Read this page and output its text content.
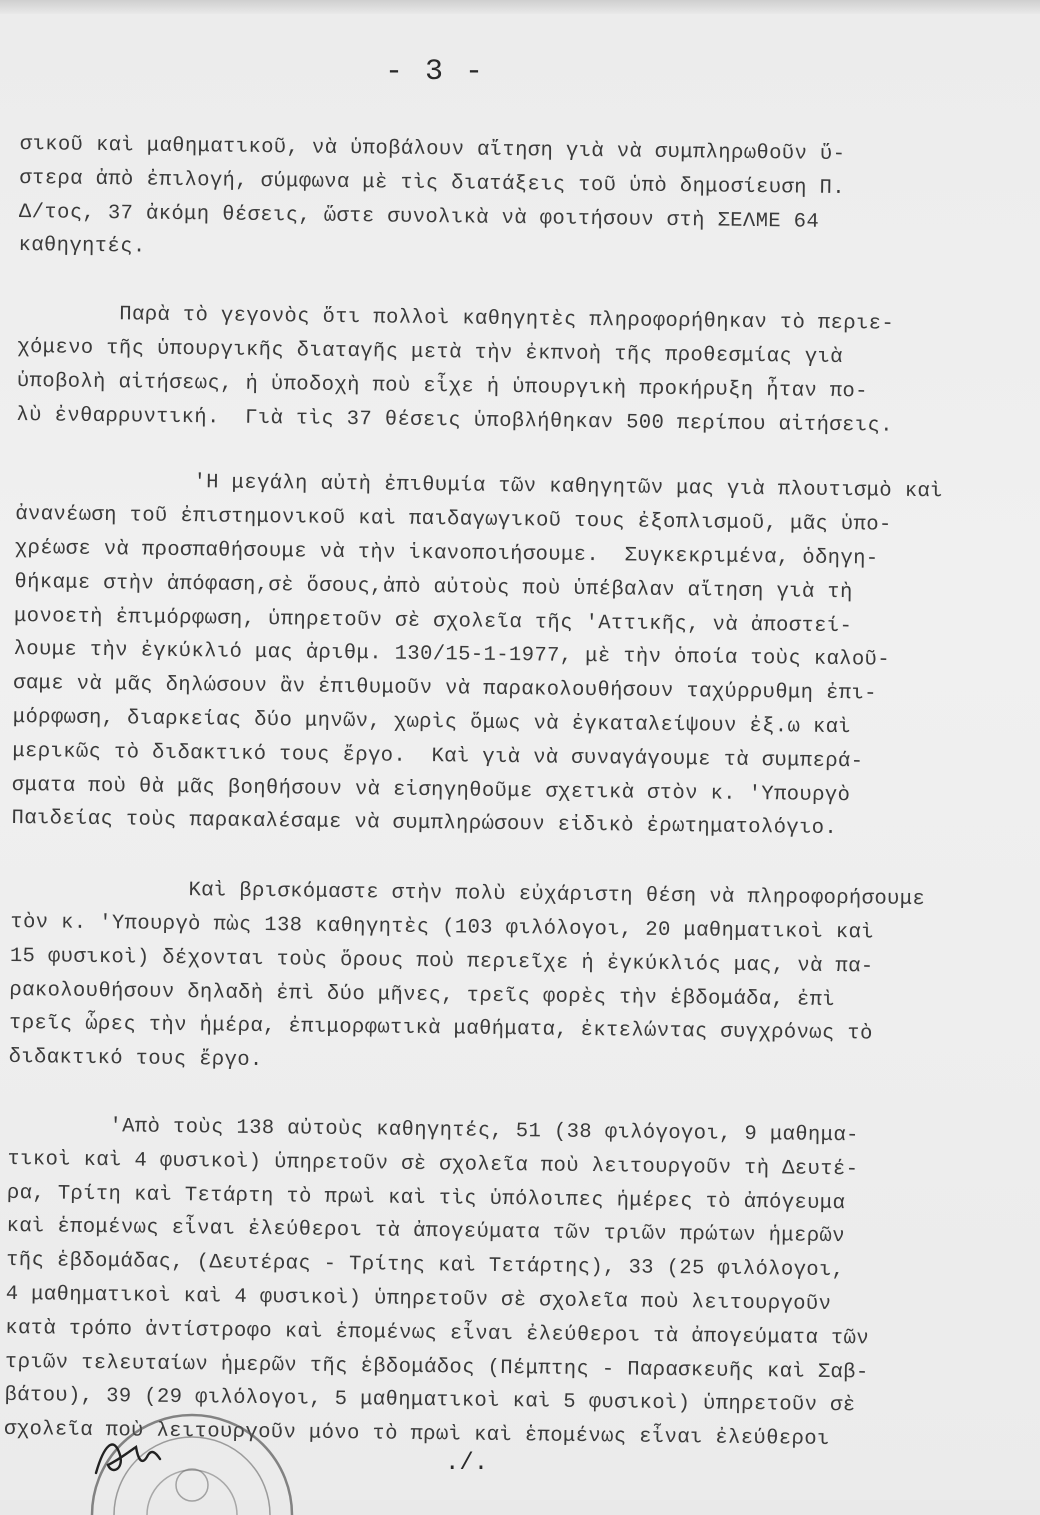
- 3 -
σικοῦ καὶ μαθηματικοῦ, νὰ ὑποβάλουν αἴτηση γιὰ νὰ συμπληρωθοῦν ὕ-
στερα ἀπὸ ἐπιλογή, σύμφωνα μὲ τὶς διατάξεις τοῦ ὑπὸ δημοσίευση Π.
Δ/τος, 37 ἀκόμη θέσεις, ὥστε συνολικὰ νὰ φοιτήσουν στὴ ΣΕΛΜΕ 64
καθηγητές.
Παρὰ τὸ γεγονὸς ὅτι πολλοὶ καθηγητὲς πληροφορήθηκαν τὸ περιε-
χόμενο τῆς ὑπουργικῆς διαταγῆς μετὰ τὴν ἐκπνοὴ τῆς προθεσμίας γιὰ
ὑποβολὴ αἰτήσεως, ἡ ὑποδοχὴ ποὺ εἶχε ἡ ὑπουργικὴ προκήρυξη ἦταν πο-
λὺ ἐνθαρρυντική.  Γιὰ τὶς 37 θέσεις ὑποβλήθηκαν 500 περίπου αἰτήσεις.
'Η μεγάλη αὐτὴ ἐπιθυμία τῶν καθηγητῶν μας γιὰ πλουτισμὸ καὶ
ἀνανέωση τοῦ ἐπιστημονικοῦ καὶ παιδαγωγικοῦ τους ἐξοπλισμοῦ, μᾶς ὑπο-
χρέωσε νὰ προσπαθήσουμε νὰ τὴν ἱκανοποιήσουμε.  Συγκεκριμένα, ὁδηγη-
θήκαμε στὴν ἀπόφαση,σὲ ὅσους,ἀπὸ αὐτοὺς ποὺ ὑπέβαλαν αἴτηση γιὰ τὴ
μονοετὴ ἐπιμόρφωση, ὑπηρετοῦν σὲ σχολεῖα τῆς 'Αττικῆς, νὰ ἀποστεί-
λουμε τὴν ἐγκύκλιό μας ἀριθμ. 130/15-1-1977, μὲ τὴν ὁποία τοὺς καλοῦ-
σαμε νὰ μᾶς δηλώσουν ἂν ἐπιθυμοῦν νὰ παρακολουθήσουν ταχύρρυθμη ἐπι-
μόρφωση, διαρκείας δύο μηνῶν, χωρὶς ὅμως νὰ ἐγκαταλείψουν ἐξ.ω καὶ
μερικῶς τὸ διδακτικό τους ἔργο.  Καὶ γιὰ νὰ συναγάγουμε τὰ συμπερά-
σματα ποὺ θὰ μᾶς βοηθήσουν νὰ εἰσηγηθοῦμε σχετικὰ στὸν κ. 'Υπουργὸ
Παιδείας τοὺς παρακαλέσαμε νὰ συμπληρώσουν εἰδικὸ ἐρωτηματολόγιο.
Καὶ βρισκόμαστε στὴν πολὺ εὐχάριστη θέση νὰ πληροφορήσουμε
τὸν κ. 'Υπουργὸ πὼς 138 καθηγητὲς (103 φιλόλογοι, 20 μαθηματικοὶ καὶ
15 φυσικοὶ) δέχονται τοὺς ὅρους ποὺ περιεῖχε ἡ ἐγκύκλιός μας, νὰ πα-
ρακολουθήσουν δηλαδὴ ἐπὶ δύο μῆνες, τρεῖς φορὲς τὴν ἑβδομάδα, ἐπὶ
τρεῖς ὧρες τὴν ἡμέρα, ἐπιμορφωτικὰ μαθήματα, ἐκτελώντας συγχρόνως τὸ
διδακτικό τους ἔργο.
'Απὸ τοὺς 138 αὐτοὺς καθηγητές, 51 (38 φιλόγογοι, 9 μαθημα-
τικοὶ καὶ 4 φυσικοὶ) ὑπηρετοῦν σὲ σχολεῖα ποὺ λειτουργοῦν τὴ Δευτέ-
ρα, Τρίτη καὶ Τετάρτη τὸ πρωὶ καὶ τὶς ὑπόλοιπες ἡμέρες τὸ ἀπόγευμα
καὶ ἑπομένως εἶναι ἐλεύθεροι τὰ ἀπογεύματα τῶν τριῶν πρώτων ἡμερῶν
τῆς ἑβδομάδας, (Δευτέρας - Τρίτης καὶ Τετάρτης), 33 (25 φιλόλογοι,
4 μαθηματικοὶ καὶ 4 φυσικοὶ) ὑπηρετοῦν σὲ σχολεῖα ποὺ λειτουργοῦν
κατὰ τρόπο ἀντίστροφο καὶ ἑπομένως εἶναι ἐλεύθεροι τὰ ἀπογεύματα τῶν
τριῶν τελευταίων ἡμερῶν τῆς ἑβδομάδος (Πέμπτης - Παρασκευῆς καὶ Σαβ-
βάτου), 39 (29 φιλόλογοι, 5 μαθηματικοὶ καὶ 5 φυσικοὶ) ὑπηρετοῦν σὲ
σχολεῖα ποὺ λειτουργοῦν μόνο τὸ πρωὶ καὶ ἑπομένως εἶναι ἐλεύθεροι
./.
